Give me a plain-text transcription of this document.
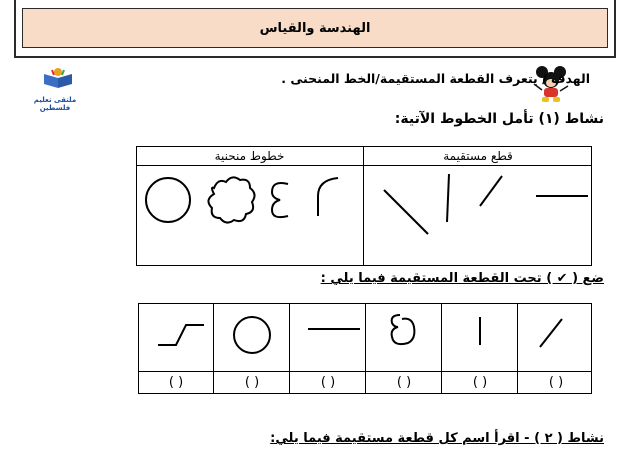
الهندسة والقياس
ملتقى تعليم فلسطين
الهدف / يتعرف القطعة المستقيمة/الخط المنحنى .
نشاط (١) تأمل الخطوط الآتية:
خطوط منحنية	قطع مستقيمة
ضع ( ✔ ) تحت القطعة المستقيمة فيما يلي :
( )	( )	( )	( )	( )	( )
نشاط ( ٢ ) - اقرأ اسم كل قطعة مستقيمة فيما يلي:
